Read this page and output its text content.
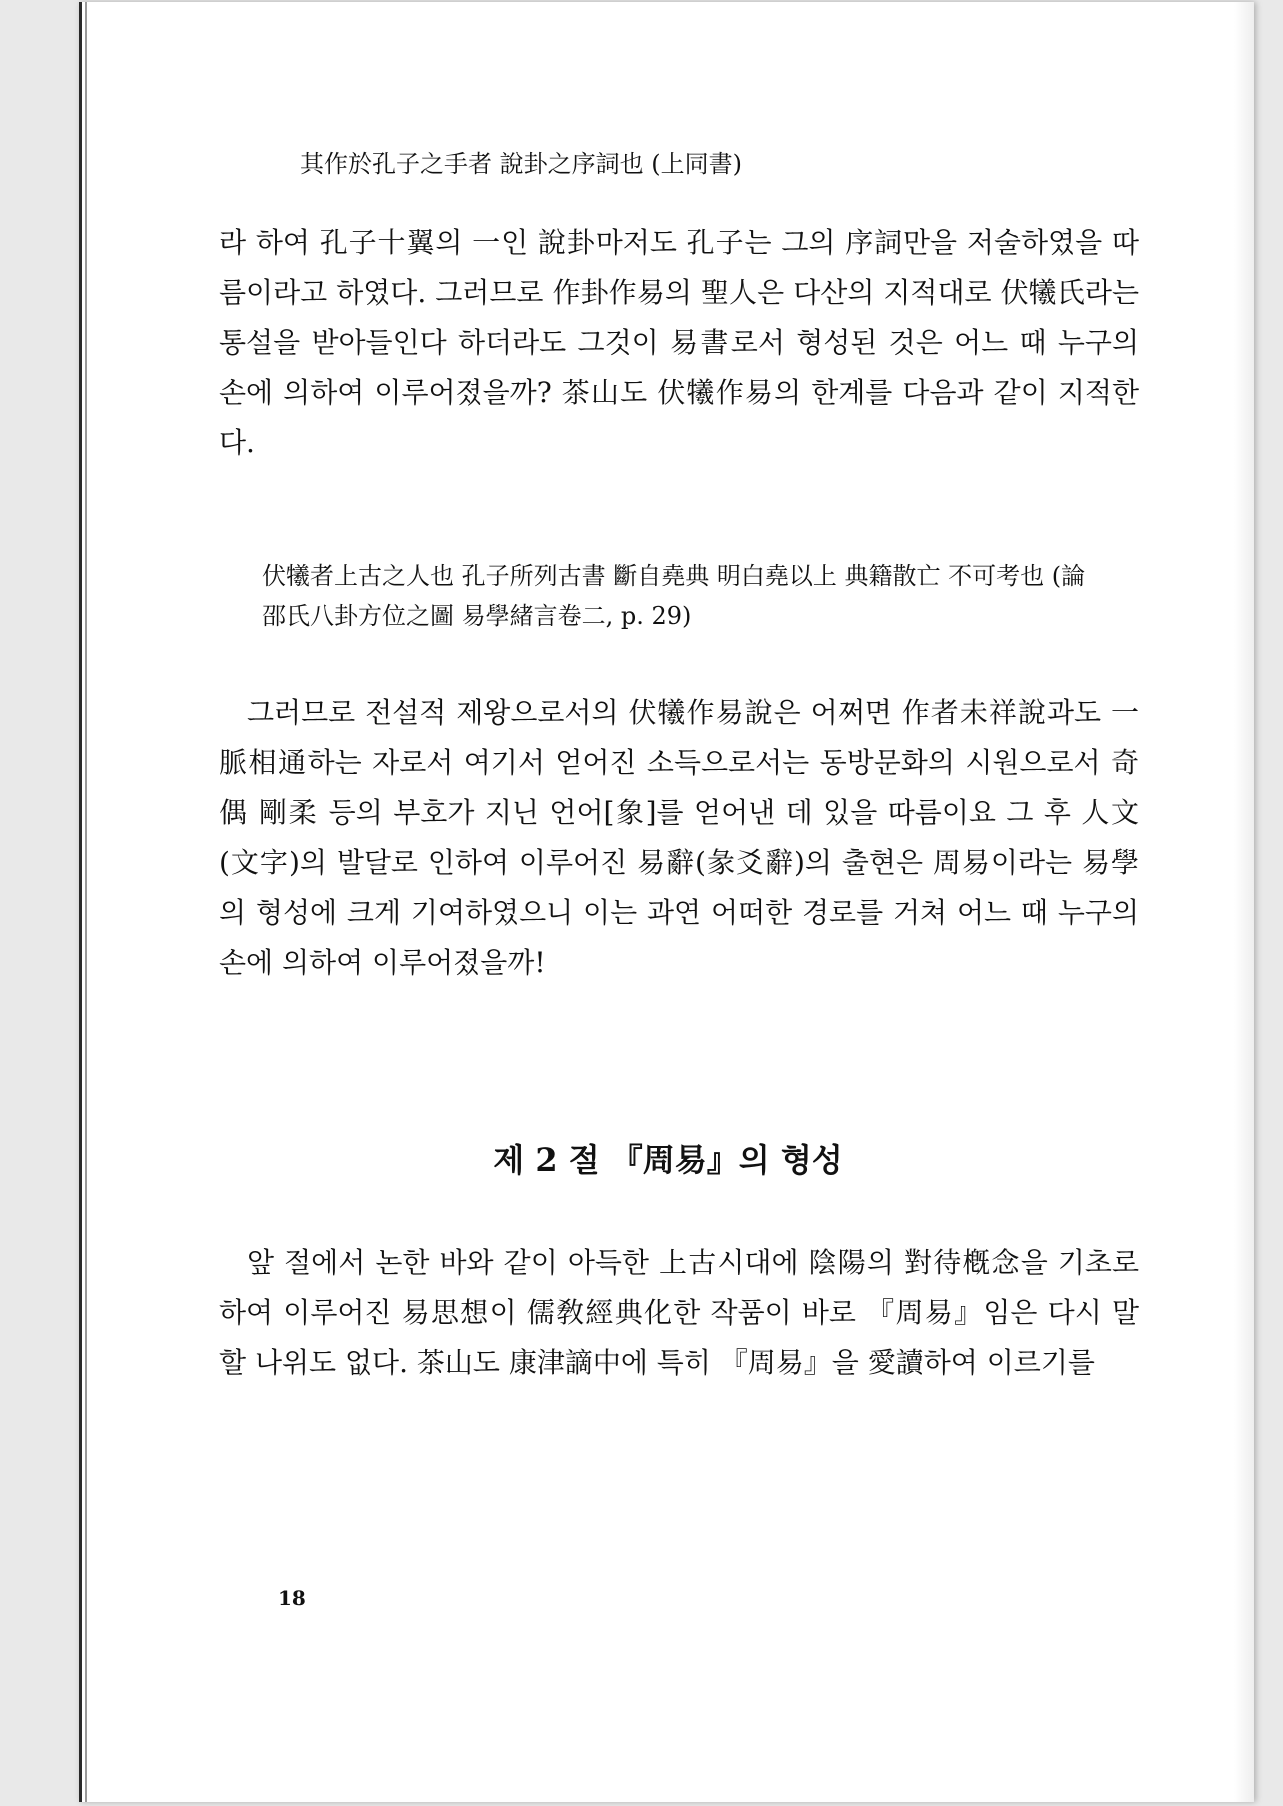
其作於孔子之手者 說卦之序詞也 (上同書)
라 하여 孔子十翼의 一인 說卦마저도 孔子는 그의 序詞만을 저술하였을 따름이라고 하였다. 그러므로 作卦作易의 聖人은 다산의 지적대로 伏犧氏라는 통설을 받아들인다 하더라도 그것이 易書로서 형성된 것은 어느 때 누구의 손에 의하여 이루어졌을까? 茶山도 伏犧作易의 한계를 다음과 같이 지적한다.
伏犧者上古之人也 孔子所列古書 斷自堯典 明白堯以上 典籍散亡 不可考也 (論邵氏八卦方位之圖 易學緒言卷二, p. 29)
그러므로 전설적 제왕으로서의 伏犧作易說은 어쩌면 作者未祥說과도 一脈相通하는 자로서 여기서 얻어진 소득으로서는 동방문화의 시원으로서 奇偶 剛柔 등의 부호가 지닌 언어[象]를 얻어낸 데 있을 따름이요 그 후 人文(文字)의 발달로 인하여 이루어진 易辭(彖爻辭)의 출현은 周易이라는 易學의 형성에 크게 기여하였으니 이는 과연 어떠한 경로를 거쳐 어느 때 누구의 손에 의하여 이루어졌을까!
제 2 절 『周易』의 형성
앞 절에서 논한 바와 같이 아득한 上古시대에 陰陽의 對待槪念을 기초로 하여 이루어진 易思想이 儒敎經典化한 작품이 바로 『周易』임은 다시 말할 나위도 없다. 茶山도 康津謫中에 특히 『周易』을 愛讀하여 이르기를
18
